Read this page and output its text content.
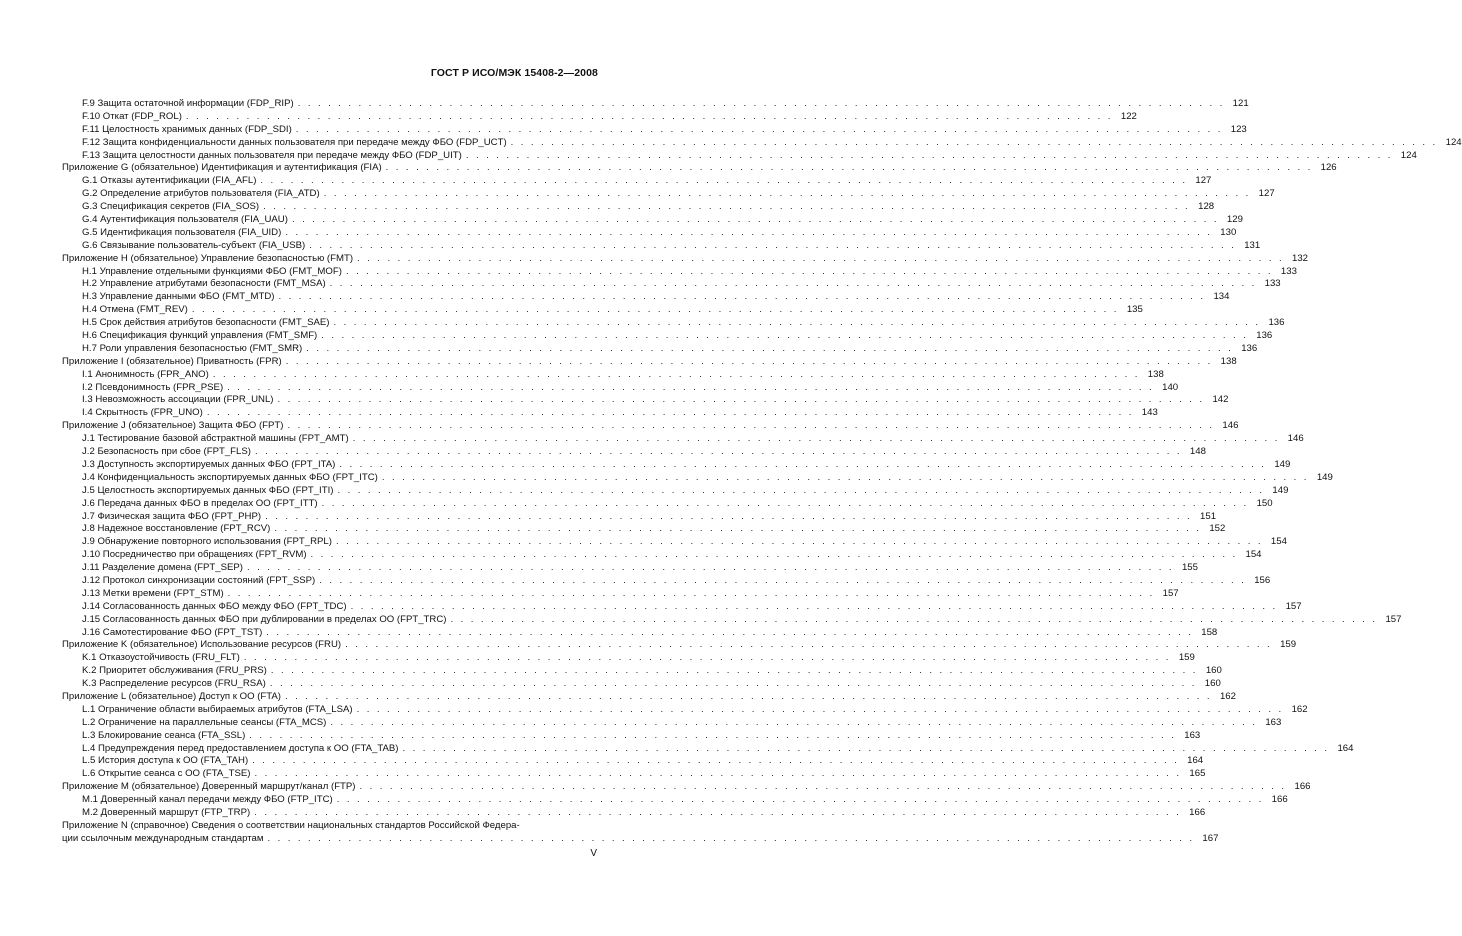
ГОСТ Р ИСО/МЭК 15408-2—2008
F.9 Защита остаточной информации (FDP_RIP) . . . . . . . . . . . . . . . . . . . . . . . . . . . . . . . . . . . . . . . . . . . . . . . . . . . . . . . . . . . . . . . . . . . . . . . . . . . . . . . . . . . . . . . . . . . . 121
F.10 Откат (FDP_ROL) . . . . . . . . . . . . . . . . . . . . . . . . . . . . . . . . . . . . . . . . . . . . . . . . . . . . . . . . . . . . . . . . . . . . . . . . . . . . . . . . . . . . . . . . . . . . 122
F.11 Целостность хранимых данных (FDP_SDI) . . . . . . . . . . . . . . . . . . . . . . . . . . . . . . . . . . . . . . . . . . . . . . . . . . . . . . . . . . . . . . . . . . . . . . . . . . . . . . . . . . . . . . . . . . . . 123
F.12 Защита конфиденциальности данных пользователя при передаче между ФБО (FDP_UCT) . . . . . . . . . . . . . . . . . . . . . . . . . . . . . . . . . . . . . . . . . . . . . . . . . . . . . . . . . . . . . . . . . . . . . . . . . . . . . . . . . . . . . . . . . . . . 124
F.13 Защита целостности данных пользователя при передаче между ФБО (FDP_UIT) . . . . . . . . . . . . . . . . . . . . . . . . . . . . . . . . . . . . . . . . . . . . . . . . . . . . . . . . . . . . . . . . . . . . . . . . . . . . . . . . . . . . . . . . . . . . 124
Приложение G (обязательное) Идентификация и аутентификация (FIA) . . . . . . . . . . . . . . . . . . . . . . . . . . . . . . . . . . . . . . . . . . . . . . . . . . . . . . . . . . . . . . . . . . . . . . . . . . . . . . . . . . . . . . . . . . . . 126
G.1 Отказы аутентификации (FIA_AFL) . . . . . . . . . . . . . . . . . . . . . . . . . . . . . . . . . . . . . . . . . . . . . . . . . . . . . . . . . . . . . . . . . . . . . . . . . . . . . . . . . . . . . . . . . . . . 127
G.2 Определение атрибутов пользователя (FIA_ATD) . . . . . . . . . . . . . . . . . . . . . . . . . . . . . . . . . . . . . . . . . . . . . . . . . . . . . . . . . . . . . . . . . . . . . . . . . . . . . . . . . . . . . . . . . . . . 127
G.3 Спецификация секретов (FIA_SOS) . . . . . . . . . . . . . . . . . . . . . . . . . . . . . . . . . . . . . . . . . . . . . . . . . . . . . . . . . . . . . . . . . . . . . . . . . . . . . . . . . . . . . . . . . . . . 128
G.4 Аутентификация пользователя (FIA_UAU) . . . . . . . . . . . . . . . . . . . . . . . . . . . . . . . . . . . . . . . . . . . . . . . . . . . . . . . . . . . . . . . . . . . . . . . . . . . . . . . . . . . . . . . . . . . . 129
G.5 Идентификация пользователя (FIA_UID) . . . . . . . . . . . . . . . . . . . . . . . . . . . . . . . . . . . . . . . . . . . . . . . . . . . . . . . . . . . . . . . . . . . . . . . . . . . . . . . . . . . . . . . . . . . . 130
G.6 Связывание пользователь-субъект (FIA_USB) . . . . . . . . . . . . . . . . . . . . . . . . . . . . . . . . . . . . . . . . . . . . . . . . . . . . . . . . . . . . . . . . . . . . . . . . . . . . . . . . . . . . . . . . . . . . 131
Приложение H (обязательное) Управление безопасностью (FMT) . . . . . . . . . . . . . . . . . . . . . . . . . . . . . . . . . . . . . . . . . . . . . . . . . . . . . . . . . . . . . . . . . . . . . . . . . . . . . . . . . . . . . . . . . . . . 132
H.1 Управление отдельными функциями ФБО (FMT_MOF) . . . . . . . . . . . . . . . . . . . . . . . . . . . . . . . . . . . . . . . . . . . . . . . . . . . . . . . . . . . . . . . . . . . . . . . . . . . . . . . . . . . . . . . . . . . . 133
H.2 Управление атрибутами безопасности (FMT_MSA) . . . . . . . . . . . . . . . . . . . . . . . . . . . . . . . . . . . . . . . . . . . . . . . . . . . . . . . . . . . . . . . . . . . . . . . . . . . . . . . . . . . . . . . . . . . . 133
H.3 Управление данными ФБО (FMT_MTD) . . . . . . . . . . . . . . . . . . . . . . . . . . . . . . . . . . . . . . . . . . . . . . . . . . . . . . . . . . . . . . . . . . . . . . . . . . . . . . . . . . . . . . . . . . . . 134
H.4 Отмена (FMT_REV) . . . . . . . . . . . . . . . . . . . . . . . . . . . . . . . . . . . . . . . . . . . . . . . . . . . . . . . . . . . . . . . . . . . . . . . . . . . . . . . . . . . . . . . . . . . . 135
H.5 Срок действия атрибутов безопасности (FMT_SAE) . . . . . . . . . . . . . . . . . . . . . . . . . . . . . . . . . . . . . . . . . . . . . . . . . . . . . . . . . . . . . . . . . . . . . . . . . . . . . . . . . . . . . . . . . . . . 136
H.6 Спецификация функций управления (FMT_SMF) . . . . . . . . . . . . . . . . . . . . . . . . . . . . . . . . . . . . . . . . . . . . . . . . . . . . . . . . . . . . . . . . . . . . . . . . . . . . . . . . . . . . . . . . . . . . 136
H.7 Роли управления безопасностью (FMT_SMR) . . . . . . . . . . . . . . . . . . . . . . . . . . . . . . . . . . . . . . . . . . . . . . . . . . . . . . . . . . . . . . . . . . . . . . . . . . . . . . . . . . . . . . . . . . . . 136
Приложение I (обязательное) Приватность (FPR) . . . . . . . . . . . . . . . . . . . . . . . . . . . . . . . . . . . . . . . . . . . . . . . . . . . . . . . . . . . . . . . . . . . . . . . . . . . . . . . . . . . . . . . . . . . . 138
I.1 Анонимность (FPR_ANO) . . . . . . . . . . . . . . . . . . . . . . . . . . . . . . . . . . . . . . . . . . . . . . . . . . . . . . . . . . . . . . . . . . . . . . . . . . . . . . . . . . . . . . . . . . . . 138
I.2 Псевдонимность (FPR_PSE) . . . . . . . . . . . . . . . . . . . . . . . . . . . . . . . . . . . . . . . . . . . . . . . . . . . . . . . . . . . . . . . . . . . . . . . . . . . . . . . . . . . . . . . . . . . . 140
I.3 Невозможность ассоциации (FPR_UNL) . . . . . . . . . . . . . . . . . . . . . . . . . . . . . . . . . . . . . . . . . . . . . . . . . . . . . . . . . . . . . . . . . . . . . . . . . . . . . . . . . . . . . . . . . . . . 142
I.4 Скрытность (FPR_UNO) . . . . . . . . . . . . . . . . . . . . . . . . . . . . . . . . . . . . . . . . . . . . . . . . . . . . . . . . . . . . . . . . . . . . . . . . . . . . . . . . . . . . . . . . . . . . 143
Приложение J (обязательное) Защита ФБО (FPT) . . . . . . . . . . . . . . . . . . . . . . . . . . . . . . . . . . . . . . . . . . . . . . . . . . . . . . . . . . . . . . . . . . . . . . . . . . . . . . . . . . . . . . . . . . . . 146
J.1 Тестирование базовой абстрактной машины (FPT_AMT) . . . . . . . . . . . . . . . . . . . . . . . . . . . . . . . . . . . . . . . . . . . . . . . . . . . . . . . . . . . . . . . . . . . . . . . . . . . . . . . . . . . . . . . . . . . . 146
J.2 Безопасность при сбое (FPT_FLS) . . . . . . . . . . . . . . . . . . . . . . . . . . . . . . . . . . . . . . . . . . . . . . . . . . . . . . . . . . . . . . . . . . . . . . . . . . . . . . . . . . . . . . . . . . . . 148
J.3 Доступность экспортируемых данных ФБО (FPT_ITA) . . . . . . . . . . . . . . . . . . . . . . . . . . . . . . . . . . . . . . . . . . . . . . . . . . . . . . . . . . . . . . . . . . . . . . . . . . . . . . . . . . . . . . . . . . . . 149
J.4 Конфиденциальность экспортируемых данных ФБО (FPT_ITC) . . . . . . . . . . . . . . . . . . . . . . . . . . . . . . . . . . . . . . . . . . . . . . . . . . . . . . . . . . . . . . . . . . . . . . . . . . . . . . . . . . . . . . . . . . . . 149
J.5 Целостность экспортируемых данных ФБО (FPT_ITI) . . . . . . . . . . . . . . . . . . . . . . . . . . . . . . . . . . . . . . . . . . . . . . . . . . . . . . . . . . . . . . . . . . . . . . . . . . . . . . . . . . . . . . . . . . . . 149
J.6 Передача данных ФБО в пределах ОО (FPT_ITT) . . . . . . . . . . . . . . . . . . . . . . . . . . . . . . . . . . . . . . . . . . . . . . . . . . . . . . . . . . . . . . . . . . . . . . . . . . . . . . . . . . . . . . . . . . . . 150
J.7 Физическая защита ФБО (FPT_PHP) . . . . . . . . . . . . . . . . . . . . . . . . . . . . . . . . . . . . . . . . . . . . . . . . . . . . . . . . . . . . . . . . . . . . . . . . . . . . . . . . . . . . . . . . . . . . 151
J.8 Надежное восстановление (FPT_RCV) . . . . . . . . . . . . . . . . . . . . . . . . . . . . . . . . . . . . . . . . . . . . . . . . . . . . . . . . . . . . . . . . . . . . . . . . . . . . . . . . . . . . . . . . . . . . 152
J.9 Обнаружение повторного использования (FPT_RPL) . . . . . . . . . . . . . . . . . . . . . . . . . . . . . . . . . . . . . . . . . . . . . . . . . . . . . . . . . . . . . . . . . . . . . . . . . . . . . . . . . . . . . . . . . . . . 154
J.10 Посредничество при обращениях (FPT_RVM) . . . . . . . . . . . . . . . . . . . . . . . . . . . . . . . . . . . . . . . . . . . . . . . . . . . . . . . . . . . . . . . . . . . . . . . . . . . . . . . . . . . . . . . . . . . . 154
J.11 Разделение домена (FPT_SEP) . . . . . . . . . . . . . . . . . . . . . . . . . . . . . . . . . . . . . . . . . . . . . . . . . . . . . . . . . . . . . . . . . . . . . . . . . . . . . . . . . . . . . . . . . . . . 155
J.12 Протокол синхронизации состояний (FPT_SSP) . . . . . . . . . . . . . . . . . . . . . . . . . . . . . . . . . . . . . . . . . . . . . . . . . . . . . . . . . . . . . . . . . . . . . . . . . . . . . . . . . . . . . . . . . . . . 156
J.13 Метки времени (FPT_STM) . . . . . . . . . . . . . . . . . . . . . . . . . . . . . . . . . . . . . . . . . . . . . . . . . . . . . . . . . . . . . . . . . . . . . . . . . . . . . . . . . . . . . . . . . . . . 157
J.14 Согласованность данных ФБО между ФБО (FPT_TDC) . . . . . . . . . . . . . . . . . . . . . . . . . . . . . . . . . . . . . . . . . . . . . . . . . . . . . . . . . . . . . . . . . . . . . . . . . . . . . . . . . . . . . . . . . . . . 157
J.15 Согласованность данных ФБО при дублировании в пределах ОО (FPT_TRC) . . . . . . . . . . . . . . . . . . . . . . . . . . . . . . . . . . . . . . . . . . . . . . . . . . . . . . . . . . . . . . . . . . . . . . . . . . . . . . . . . . . . . . . . . . . . 157
J.16 Самотестирование ФБО (FPT_TST) . . . . . . . . . . . . . . . . . . . . . . . . . . . . . . . . . . . . . . . . . . . . . . . . . . . . . . . . . . . . . . . . . . . . . . . . . . . . . . . . . . . . . . . . . . . . 158
Приложение K (обязательное) Использование ресурсов (FRU) . . . . . . . . . . . . . . . . . . . . . . . . . . . . . . . . . . . . . . . . . . . . . . . . . . . . . . . . . . . . . . . . . . . . . . . . . . . . . . . . . . . . . . . . . . . . 159
K.1 Отказоустойчивость (FRU_FLT) . . . . . . . . . . . . . . . . . . . . . . . . . . . . . . . . . . . . . . . . . . . . . . . . . . . . . . . . . . . . . . . . . . . . . . . . . . . . . . . . . . . . . . . . . . . . 159
K.2 Приоритет обслуживания (FRU_PRS) . . . . . . . . . . . . . . . . . . . . . . . . . . . . . . . . . . . . . . . . . . . . . . . . . . . . . . . . . . . . . . . . . . . . . . . . . . . . . . . . . . . . . . . . . . . . 160
K.3 Распределение ресурсов (FRU_RSA) . . . . . . . . . . . . . . . . . . . . . . . . . . . . . . . . . . . . . . . . . . . . . . . . . . . . . . . . . . . . . . . . . . . . . . . . . . . . . . . . . . . . . . . . . . . . 160
Приложение L (обязательное) Доступ к ОО (FTA) . . . . . . . . . . . . . . . . . . . . . . . . . . . . . . . . . . . . . . . . . . . . . . . . . . . . . . . . . . . . . . . . . . . . . . . . . . . . . . . . . . . . . . . . . . . . 162
L.1 Ограничение области выбираемых атрибутов (FTA_LSA) . . . . . . . . . . . . . . . . . . . . . . . . . . . . . . . . . . . . . . . . . . . . . . . . . . . . . . . . . . . . . . . . . . . . . . . . . . . . . . . . . . . . . . . . . . . . 162
L.2 Ограничение на параллельные сеансы (FTA_MCS) . . . . . . . . . . . . . . . . . . . . . . . . . . . . . . . . . . . . . . . . . . . . . . . . . . . . . . . . . . . . . . . . . . . . . . . . . . . . . . . . . . . . . . . . . . . . 163
L.3 Блокирование сеанса (FTA_SSL) . . . . . . . . . . . . . . . . . . . . . . . . . . . . . . . . . . . . . . . . . . . . . . . . . . . . . . . . . . . . . . . . . . . . . . . . . . . . . . . . . . . . . . . . . . . . 163
L.4 Предупреждения перед предоставлением доступа к ОО (FTA_TAB) . . . . . . . . . . . . . . . . . . . . . . . . . . . . . . . . . . . . . . . . . . . . . . . . . . . . . . . . . . . . . . . . . . . . . . . . . . . . . . . . . . . . . . . . . . . . 164
L.5 История доступа к ОО (FTA_TAH) . . . . . . . . . . . . . . . . . . . . . . . . . . . . . . . . . . . . . . . . . . . . . . . . . . . . . . . . . . . . . . . . . . . . . . . . . . . . . . . . . . . . . . . . . . . . 164
L.6 Открытие сеанса с ОО (FTA_TSE) . . . . . . . . . . . . . . . . . . . . . . . . . . . . . . . . . . . . . . . . . . . . . . . . . . . . . . . . . . . . . . . . . . . . . . . . . . . . . . . . . . . . . . . . . . . . 165
Приложение M (обязательное) Доверенный маршрут/канал (FTP) . . . . . . . . . . . . . . . . . . . . . . . . . . . . . . . . . . . . . . . . . . . . . . . . . . . . . . . . . . . . . . . . . . . . . . . . . . . . . . . . . . . . . . . . . . . . 166
M.1 Доверенный канал передачи между ФБО (FTP_ITC) . . . . . . . . . . . . . . . . . . . . . . . . . . . . . . . . . . . . . . . . . . . . . . . . . . . . . . . . . . . . . . . . . . . . . . . . . . . . . . . . . . . . . . . . . . . . 166
M.2 Доверенный маршрут (FTP_TRP) . . . . . . . . . . . . . . . . . . . . . . . . . . . . . . . . . . . . . . . . . . . . . . . . . . . . . . . . . . . . . . . . . . . . . . . . . . . . . . . . . . . . . . . . . . . . 166
Приложение N (справочное) Сведения о соответствии национальных стандартов Российской Федера-
ции ссылочным международным стандартам . . . . . . . . . . . . . . . . . . . . . . . . . . . . . . . . . . . . . . . . . . . . . . . . . . . . . . . . . . . . . . . . . . . . . . . . . . . . . . . . . . . . . . . . . . . . 167
V
